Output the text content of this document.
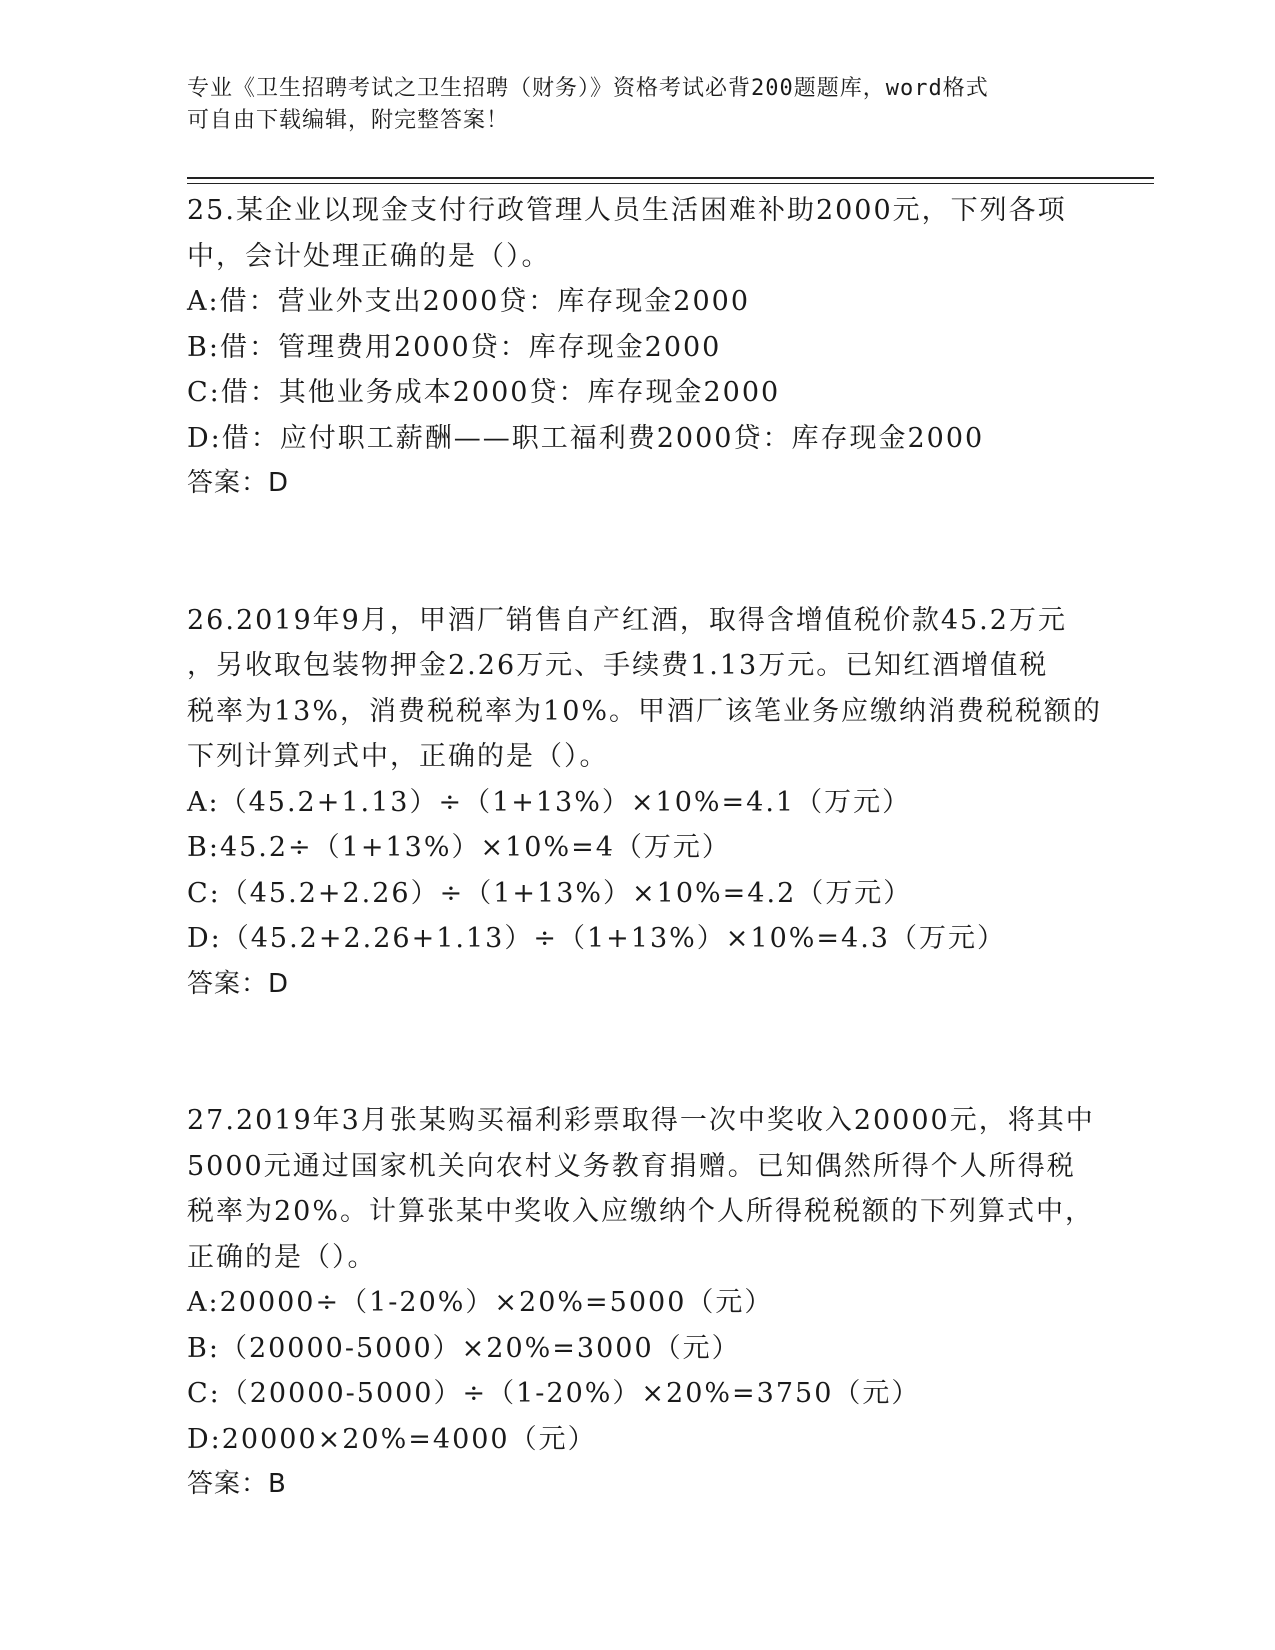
专业《卫生招聘考试之卫生招聘（财务）》资格考试必背200题题库，word格式
可自由下载编辑，附完整答案！
25.某企业以现金支付行政管理人员生活困难补助2000元，下列各项
中，会计处理正确的是（）。
A:借：营业外支出2000贷：库存现金2000
B:借：管理费用2000贷：库存现金2000
C:借：其他业务成本2000贷：库存现金2000
D:借：应付职工薪酬——职工福利费2000贷：库存现金2000
答案：D
26.2019年9月，甲酒厂销售自产红酒，取得含增值税价款45.2万元
，另收取包装物押金2.26万元、手续费1.13万元。已知红酒增值税
税率为13%，消费税税率为10%。甲酒厂该笔业务应缴纳消费税税额的
下列计算列式中，正确的是（）。
A:（45.2+1.13）÷（1+13%）×10%=4.1（万元）
B:45.2÷（1+13%）×10%=4（万元）
C:（45.2+2.26）÷（1+13%）×10%=4.2（万元）
D:（45.2+2.26+1.13）÷（1+13%）×10%=4.3（万元）
答案：D
27.2019年3月张某购买福利彩票取得一次中奖收入20000元，将其中
5000元通过国家机关向农村义务教育捐赠。已知偶然所得个人所得税
税率为20%。计算张某中奖收入应缴纳个人所得税税额的下列算式中，
正确的是（）。
A:20000÷（1-20%）×20%=5000（元）
B:（20000-5000）×20%=3000（元）
C:（20000-5000）÷（1-20%）×20%=3750（元）
D:20000×20%=4000（元）
答案：B
